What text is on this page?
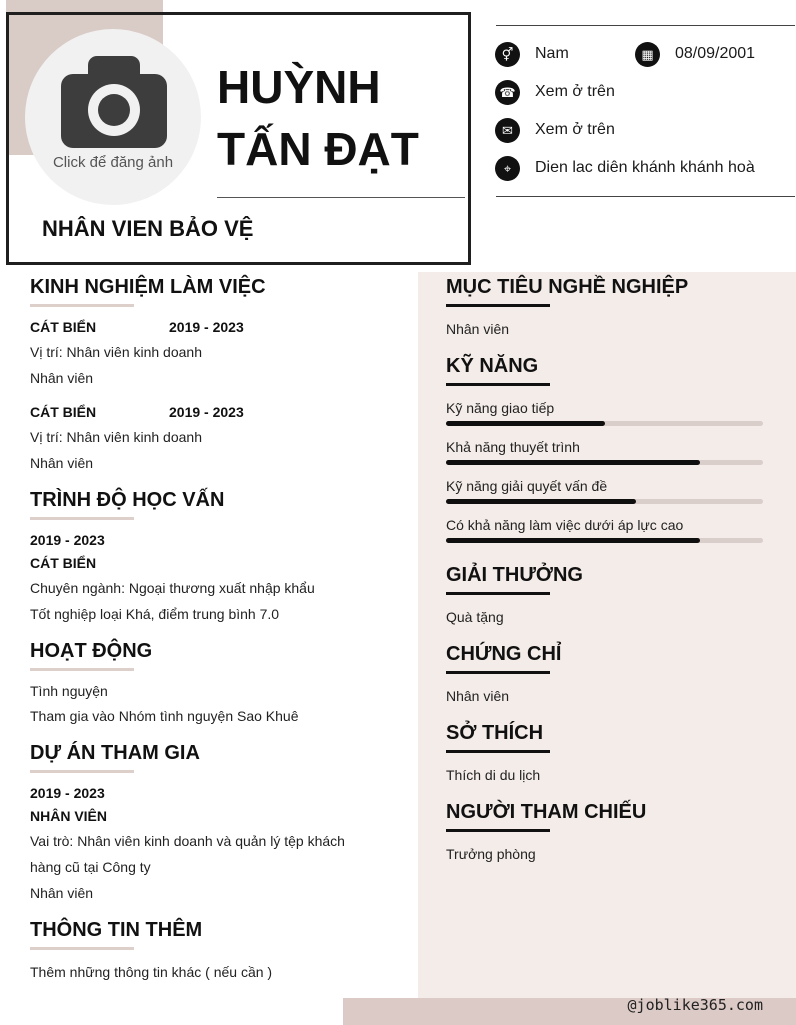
Click để đăng ảnh
HUỲNH
TẤN ĐẠT
NHÂN VIEN BẢO VỆ
⚥	Nam	▦	08/09/2001
☎ Xem ở trên
✉	Xem ở trên
⌖	Dien lac diên khánh khánh hoà
KINH NGHIỆM LÀM VIỆC
CÁT BIỂN	2019 - 2023
Vị trí: Nhân viên kinh doanh
Nhân viên
CÁT BIỂN	2019 - 2023
Vị trí: Nhân viên kinh doanh
Nhân viên
TRÌNH ĐỘ HỌC VẤN
2019 - 2023
CÁT BIỂN
Chuyên ngành: Ngoại thương xuất nhập khẩu
Tốt nghiệp loại Khá, điểm trung bình 7.0
HOẠT ĐỘNG
Tình nguyện
Tham gia vào Nhóm tình nguyện Sao Khuê
DỰ ÁN THAM GIA
2019 - 2023
NHÂN VIÊN
Vai trò: Nhân viên kinh doanh và quản lý tệp khách
hàng cũ tại Công ty
Nhân viên
THÔNG TIN THÊM
Thêm những thông tin khác ( nếu cần )
MỤC TIÊU NGHỀ NGHIỆP
Nhân viên
KỸ NĂNG
Kỹ năng giao tiếp
Khả năng thuyết trình
Kỹ năng giải quyết vấn đề
Có khả năng làm việc dưới áp lực cao
GIẢI THƯỞNG
Quà tặng
CHỨNG CHỈ
Nhân viên
SỞ THÍCH
Thích di du lịch
NGƯỜI THAM CHIẾU
Trưởng phòng
@joblike365.com
